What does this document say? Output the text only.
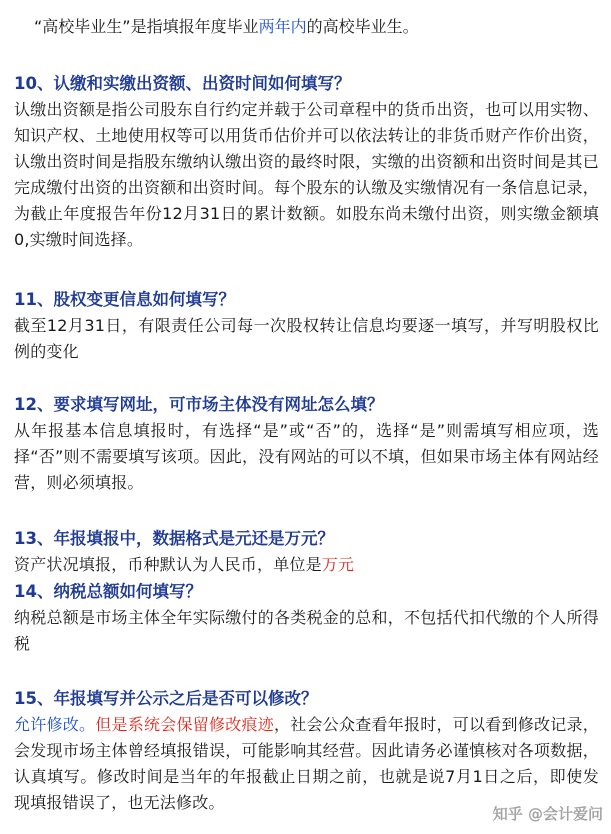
“高校毕业生”是指填报年度毕业两年内的高校毕业生。

10、认缴和实缴出资额、出资时间如何填写？

认缴出资额是指公司股东自行约定并载于公司章程中的货币出资，也可以用实物、知识产权、土地使用权等可以用货币估价并可以依法转让的非货币财产作价出资，认缴出资时间是指股东缴纳认缴出资的最终时限，实缴的出资额和出资时间是其已完成缴付出资的出资额和出资时间。每个股东的认缴及实缴情况有一条信息记录，为截止年度报告年份12月31日的累计数额。如股东尚未缴付出资，则实缴金额填0,实缴时间选择。

11、股权变更信息如何填写？

截至12月31日，有限责任公司每一次股权转让信息均要逐一填写，并写明股权比例的变化

12、要求填写网址，可市场主体没有网址怎么填？

从年报基本信息填报时，有选择“是”或“否”的，选择“是”则需填写相应项，选择“否”则不需要填写该项。因此，没有网站的可以不填，但如果市场主体有网站经营，则必须填报。

13、年报填报中，数据格式是元还是万元？

资产状况填报，币种默认为人民币，单位是万元

14、纳税总额如何填写？

纳税总额是市场主体全年实际缴付的各类税金的总和，不包括代扣代缴的个人所得税

15、年报填写并公示之后是否可以修改？

允许修改。但是系统会保留修改痕迹，社会公众查看年报时，可以看到修改记录，会发现市场主体曾经填报错误，可能影响其经营。因此请务必谨慎核对各项数据，认真填写。修改时间是当年的年报截止日期之前，也就是说7月1日之后，即使发现填报错误了，也无法修改。

知乎 @会计爱问
